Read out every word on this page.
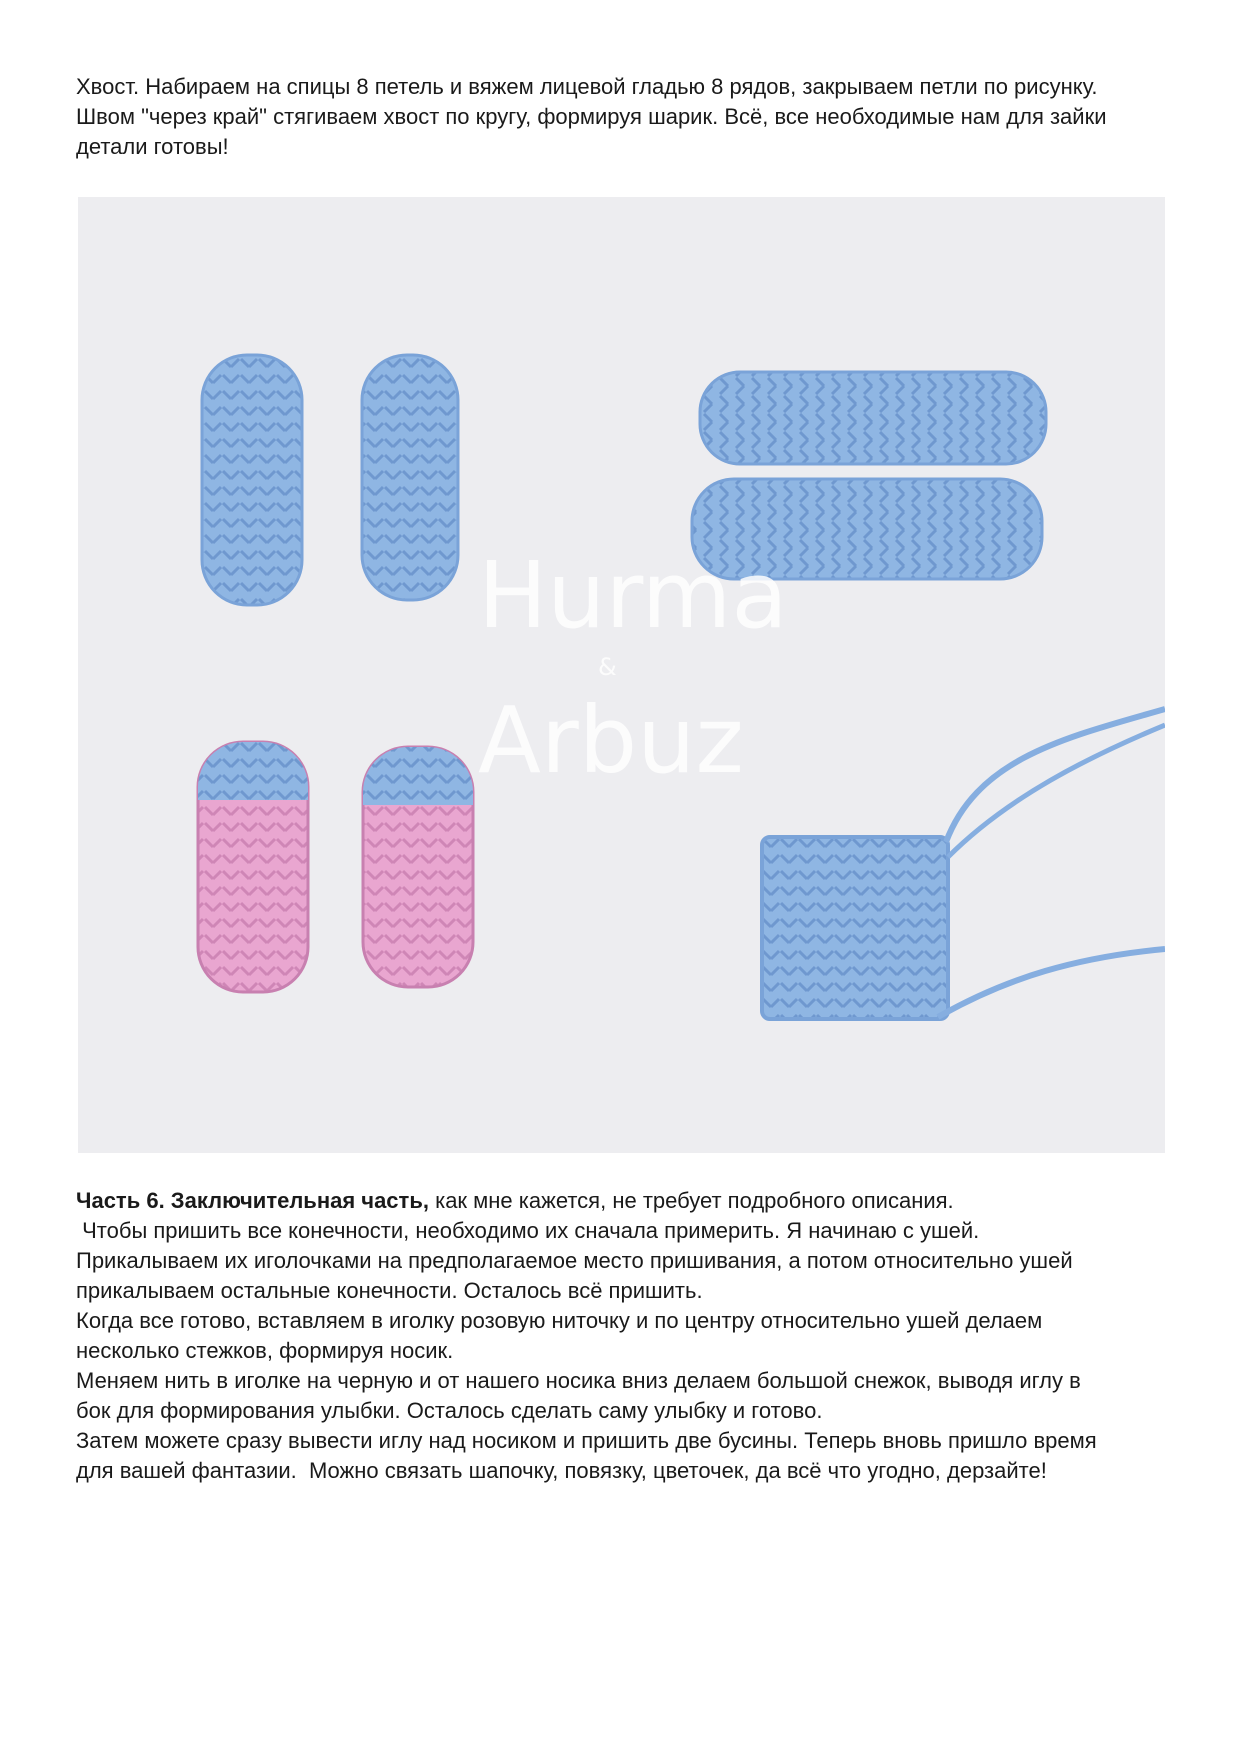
Хвост. Набираем на спицы 8 петель и вяжем лицевой гладью 8 рядов, закрываем петли по рисунку.
Швом "через край" стягиваем хвост по кругу, формируя шарик. Всё, все необходимые нам для зайки
детали готовы!
Hurma
&
Arbuz
Часть 6. Заключительная часть, как мне кажется, не требует подробного описания.
Чтобы пришить все конечности, необходимо их сначала примерить. Я начинаю с ушей.
Прикалываем их иголочками на предполагаемое место пришивания, а потом относительно ушей
прикалываем остальные конечности. Осталось всё пришить.
Когда все готово, вставляем в иголку розовую ниточку и по центру относительно ушей делаем
несколько стежков, формируя носик.
Меняем нить в иголке на черную и от нашего носика вниз делаем большой снежок, выводя иглу в
бок для формирования улыбки. Осталось сделать саму улыбку и готово.
Затем можете сразу вывести иглу над носиком и пришить две бусины. Теперь вновь пришло время
для вашей фантазии.  Можно связать шапочку, повязку, цветочек, да всё что угодно, дерзайте!
